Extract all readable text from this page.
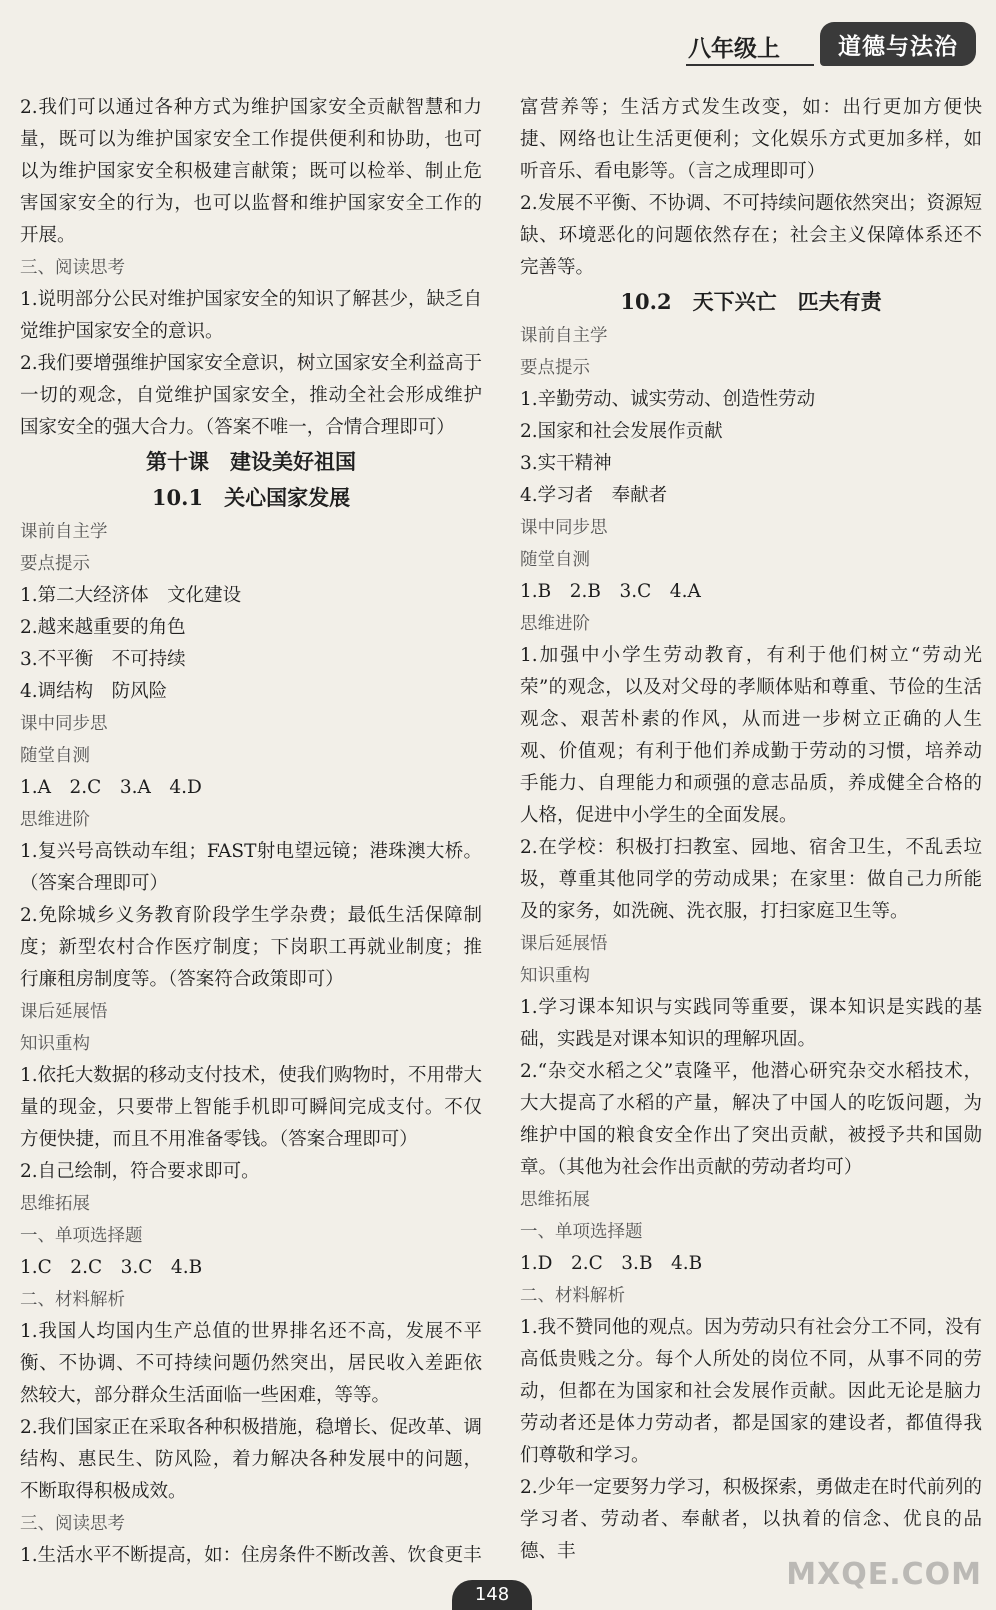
八年级上	道德与法治
2.我们可以通过各种方式为维护国家安全贡献智慧和力量，既可以为维护国家安全工作提供便利和协助，也可以为维护国家安全积极建言献策；既可以检举、制止危害国家安全的行为，也可以监督和维护国家安全工作的开展。
三、阅读思考
1.说明部分公民对维护国家安全的知识了解甚少，缺乏自觉维护国家安全的意识。
2.我们要增强维护国家安全意识，树立国家安全利益高于一切的观念，自觉维护国家安全，推动全社会形成维护国家安全的强大合力。（答案不唯一，合情合理即可）
第十课　建设美好祖国
10.1　关心国家发展
课前自主学
要点提示
1.第二大经济体　文化建设
2.越来越重要的角色
3.不平衡　不可持续
4.调结构　防风险
课中同步思
随堂自测
1.A　2.C　3.A　4.D
思维进阶
1.复兴号高铁动车组；FAST射电望远镜；港珠澳大桥。（答案合理即可）
2.免除城乡义务教育阶段学生学杂费；最低生活保障制度；新型农村合作医疗制度；下岗职工再就业制度；推行廉租房制度等。（答案符合政策即可）
课后延展悟
知识重构
1.依托大数据的移动支付技术，使我们购物时，不用带大量的现金，只要带上智能手机即可瞬间完成支付。不仅方便快捷，而且不用准备零钱。（答案合理即可）
2.自己绘制，符合要求即可。
思维拓展
一、单项选择题
1.C　2.C　3.C　4.B
二、材料解析
1.我国人均国内生产总值的世界排名还不高，发展不平衡、不协调、不可持续问题仍然突出，居民收入差距依然较大，部分群众生活面临一些困难，等等。
2.我们国家正在采取各种积极措施，稳增长、促改革、调结构、惠民生、防风险，着力解决各种发展中的问题，不断取得积极成效。
三、阅读思考
1.生活水平不断提高，如：住房条件不断改善、饮食更丰
富营养等；生活方式发生改变，如：出行更加方便快捷、网络也让生活更便利；文化娱乐方式更加多样，如听音乐、看电影等。（言之成理即可）
2.发展不平衡、不协调、不可持续问题依然突出；资源短缺、环境恶化的问题依然存在；社会主义保障体系还不完善等。
10.2　天下兴亡　匹夫有责
课前自主学
要点提示
1.辛勤劳动、诚实劳动、创造性劳动
2.国家和社会发展作贡献
3.实干精神
4.学习者　奉献者
课中同步思
随堂自测
1.B　2.B　3.C　4.A
思维进阶
1.加强中小学生劳动教育，有利于他们树立“劳动光荣”的观念，以及对父母的孝顺体贴和尊重、节俭的生活观念、艰苦朴素的作风，从而进一步树立正确的人生观、价值观；有利于他们养成勤于劳动的习惯，培养动手能力、自理能力和顽强的意志品质，养成健全合格的人格，促进中小学生的全面发展。
2.在学校：积极打扫教室、园地、宿舍卫生，不乱丢垃圾，尊重其他同学的劳动成果；在家里：做自己力所能及的家务，如洗碗、洗衣服，打扫家庭卫生等。
课后延展悟
知识重构
1.学习课本知识与实践同等重要，课本知识是实践的基础，实践是对课本知识的理解巩固。
2.“杂交水稻之父”袁隆平，他潜心研究杂交水稻技术，大大提高了水稻的产量，解决了中国人的吃饭问题，为维护中国的粮食安全作出了突出贡献，被授予共和国勋章。（其他为社会作出贡献的劳动者均可）
思维拓展
一、单项选择题
1.D　2.C　3.B　4.B
二、材料解析
1.我不赞同他的观点。因为劳动只有社会分工不同，没有高低贵贱之分。每个人所处的岗位不同，从事不同的劳动，但都在为国家和社会发展作贡献。因此无论是脑力劳动者还是体力劳动者，都是国家的建设者，都值得我们尊敬和学习。
2.少年一定要努力学习，积极探索，勇做走在时代前列的学习者、劳动者、奉献者，以执着的信念、优良的品德、丰
148
MXQE.COM
